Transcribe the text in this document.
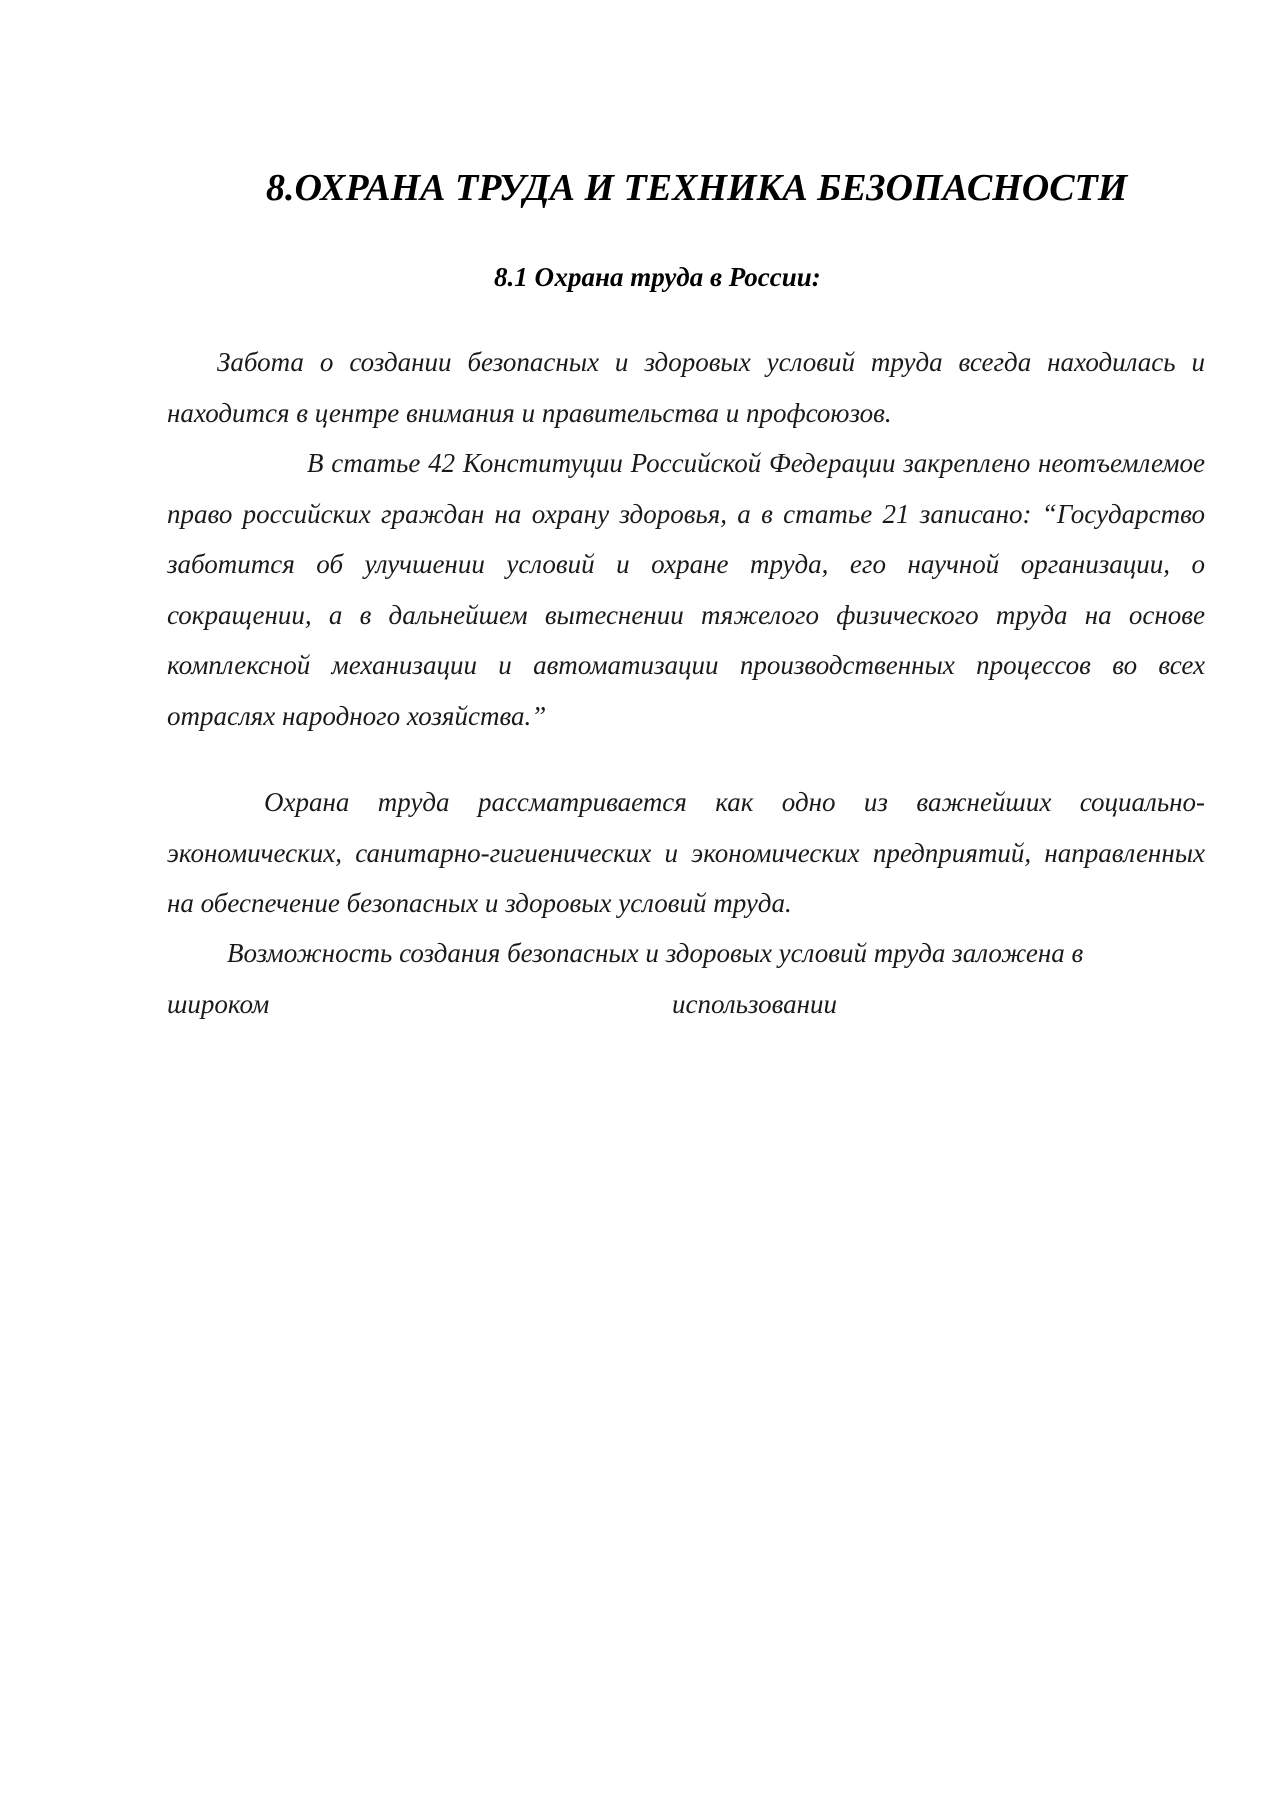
8.ОХРАНА ТРУДА И ТЕХНИКА БЕЗОПАСНОСТИ
8.1 Охрана труда в России:

Забота о создании безопасных и здоровых условий труда всегда находилась и находится в центре внимания и правительства и профсоюзов.

В статье 42 Конституции Российской Федерации закреплено неотъемлемое право российских граждан на охрану здоровья, а в статье 21 записано: “Государство заботится об улучшении условий и охране труда, его научной организации, о сокращении, а в дальнейшем вытеснении тяжелого физического труда на основе комплексной механизации и автоматизации производственных процессов во всех отраслях народного хозяйства.”

Охрана труда рассматривается как одно из важнейших социально-экономических, санитарно-гигиенических и экономических предприятий, направленных на обеспечение безопасных и здоровых условий труда.

Возможность создания безопасных и здоровых условий труда заложена в

широком	использовании
